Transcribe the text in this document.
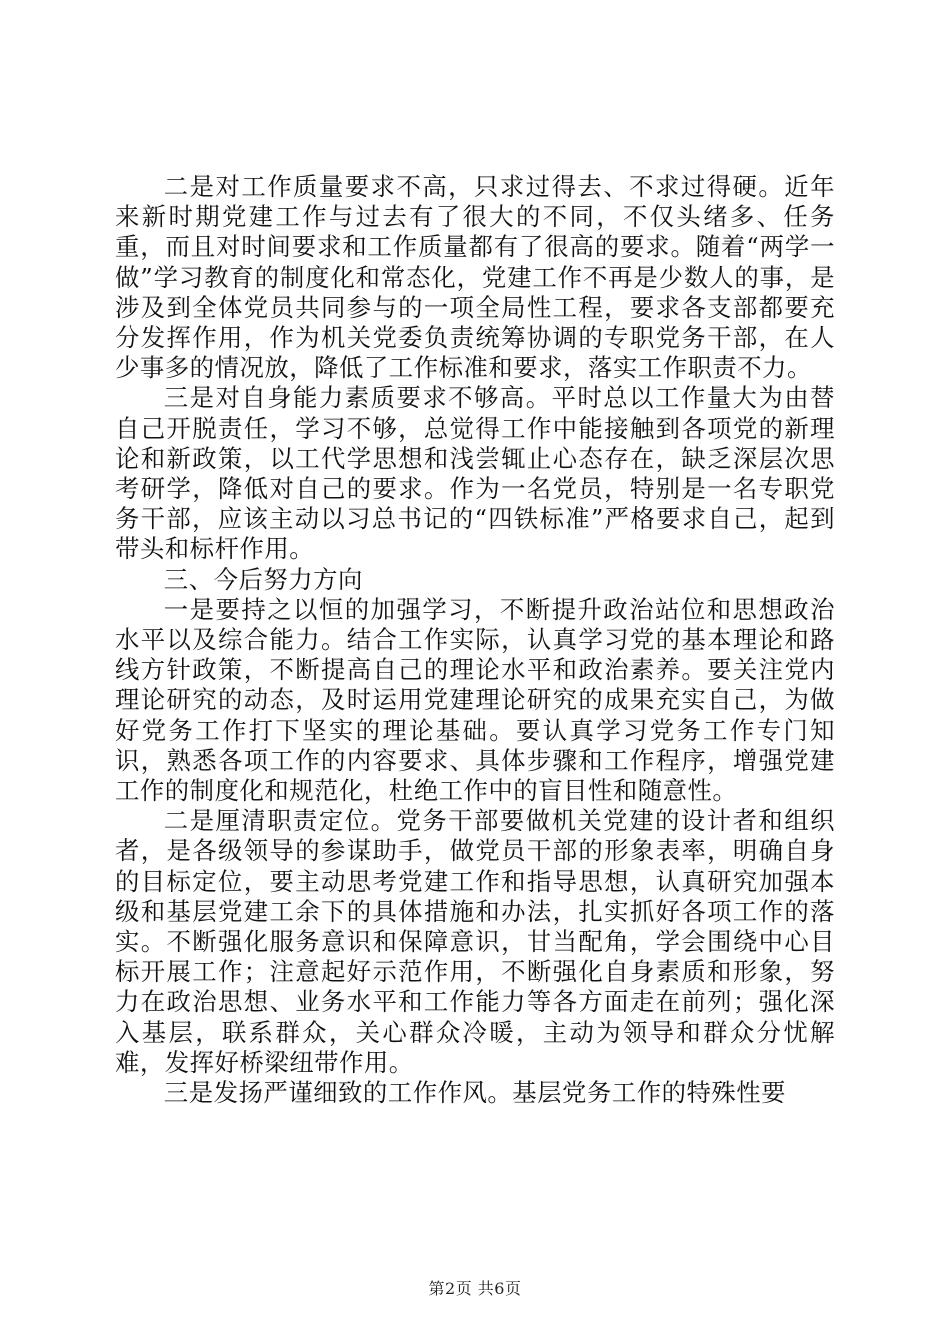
二是对工作质量要求不高，只求过得去、不求过得硬。近年来新时期党建工作与过去有了很大的不同，不仅头绪多、任务重，而且对时间要求和工作质量都有了很高的要求。随着“两学一做”学习教育的制度化和常态化，党建工作不再是少数人的事，是涉及到全体党员共同参与的一项全局性工程，要求各支部都要充分发挥作用，作为机关党委负责统筹协调的专职党务干部，在人少事多的情况放，降低了工作标准和要求，落实工作职责不力。

三是对自身能力素质要求不够高。平时总以工作量大为由替自己开脱责任，学习不够，总觉得工作中能接触到各项党的新理论和新政策，以工代学思想和浅尝辄止心态存在，缺乏深层次思考研学，降低对自己的要求。作为一名党员，特别是一名专职党务干部，应该主动以习总书记的“四铁标准”严格要求自己，起到带头和标杆作用。

三、今后努力方向

一是要持之以恒的加强学习，不断提升政治站位和思想政治水平以及综合能力。结合工作实际，认真学习党的基本理论和路线方针政策，不断提高自己的理论水平和政治素养。要关注党内理论研究的动态，及时运用党建理论研究的成果充实自己，为做好党务工作打下坚实的理论基础。要认真学习党务工作专门知识，熟悉各项工作的内容要求、具体步骤和工作程序，增强党建工作的制度化和规范化，杜绝工作中的盲目性和随意性。

二是厘清职责定位。党务干部要做机关党建的设计者和组织者，是各级领导的参谋助手，做党员干部的形象表率，明确自身的目标定位，要主动思考党建工作和指导思想，认真研究加强本级和基层党建工余下的具体措施和办法，扎实抓好各项工作的落实。不断强化服务意识和保障意识，甘当配角，学会围绕中心目标开展工作；注意起好示范作用，不断强化自身素质和形象，努力在政治思想、业务水平和工作能力等各方面走在前列；强化深入基层，联系群众，关心群众冷暖，主动为领导和群众分忧解难，发挥好桥梁纽带作用。

三是发扬严谨细致的工作作风。基层党务工作的特殊性要

第2页 共6页
